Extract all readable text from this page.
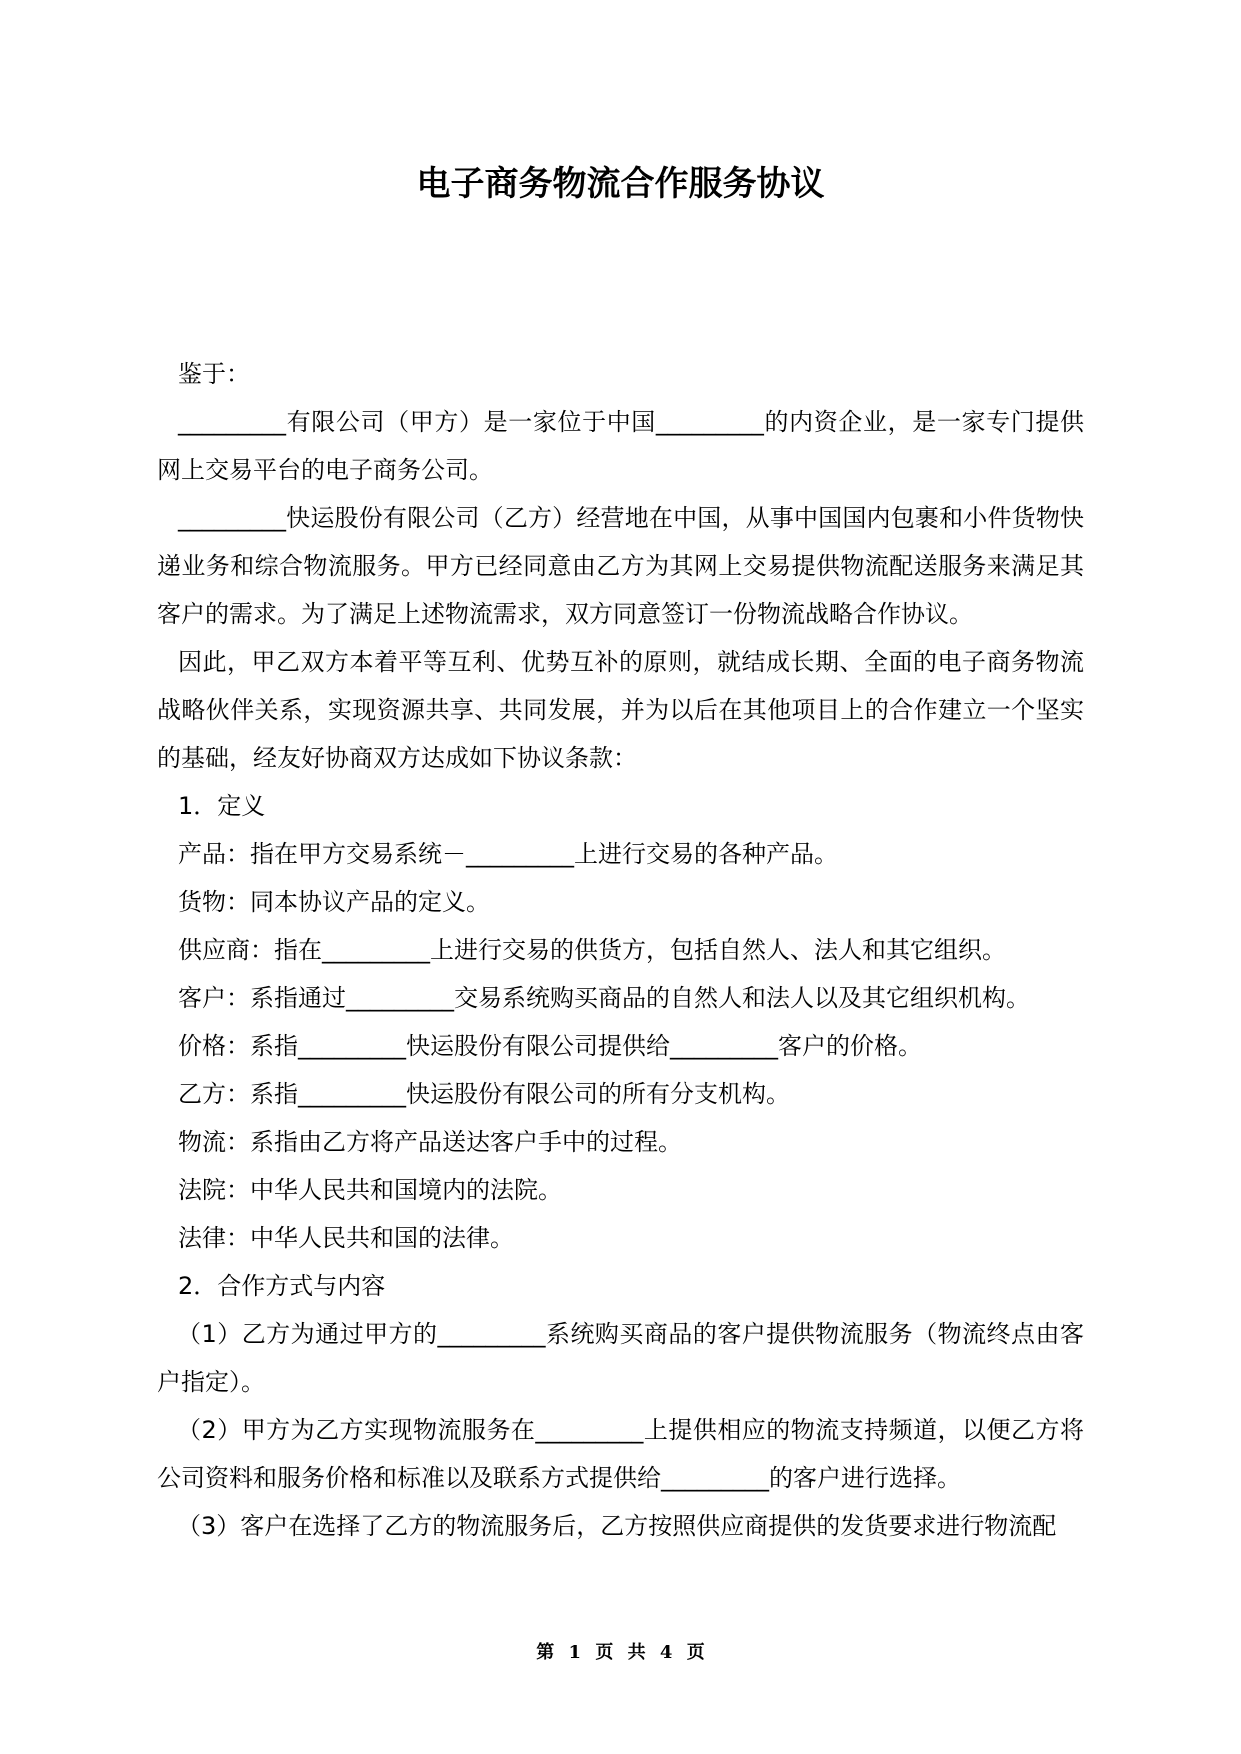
电子商务物流合作服务协议

鉴于：

_________有限公司（甲方）是一家位于中国_________的内资企业，是一家专门提供网上交易平台的电子商务公司。

_________快运股份有限公司（乙方）经营地在中国，从事中国国内包裹和小件货物快递业务和综合物流服务。甲方已经同意由乙方为其网上交易提供物流配送服务来满足其客户的需求。为了满足上述物流需求，双方同意签订一份物流战略合作协议。

因此，甲乙双方本着平等互利、优势互补的原则，就结成长期、全面的电子商务物流战略伙伴关系，实现资源共享、共同发展，并为以后在其他项目上的合作建立一个坚实的基础，经友好协商双方达成如下协议条款：

1．定义

产品：指在甲方交易系统－_________上进行交易的各种产品。

货物：同本协议产品的定义。

供应商：指在_________上进行交易的供货方，包括自然人、法人和其它组织。

客户：系指通过_________交易系统购买商品的自然人和法人以及其它组织机构。

价格：系指_________快运股份有限公司提供给_________客户的价格。

乙方：系指_________快运股份有限公司的所有分支机构。

物流：系指由乙方将产品送达客户手中的过程。

法院：中华人民共和国境内的法院。

法律：中华人民共和国的法律。

2．合作方式与内容

（1）乙方为通过甲方的_________系统购买商品的客户提供物流服务（物流终点由客户指定）。

（2）甲方为乙方实现物流服务在_________上提供相应的物流支持频道，以便乙方将公司资料和服务价格和标准以及联系方式提供给_________的客户进行选择。

（3）客户在选择了乙方的物流服务后，乙方按照供应商提供的发货要求进行物流配

第 1 页 共 4 页
